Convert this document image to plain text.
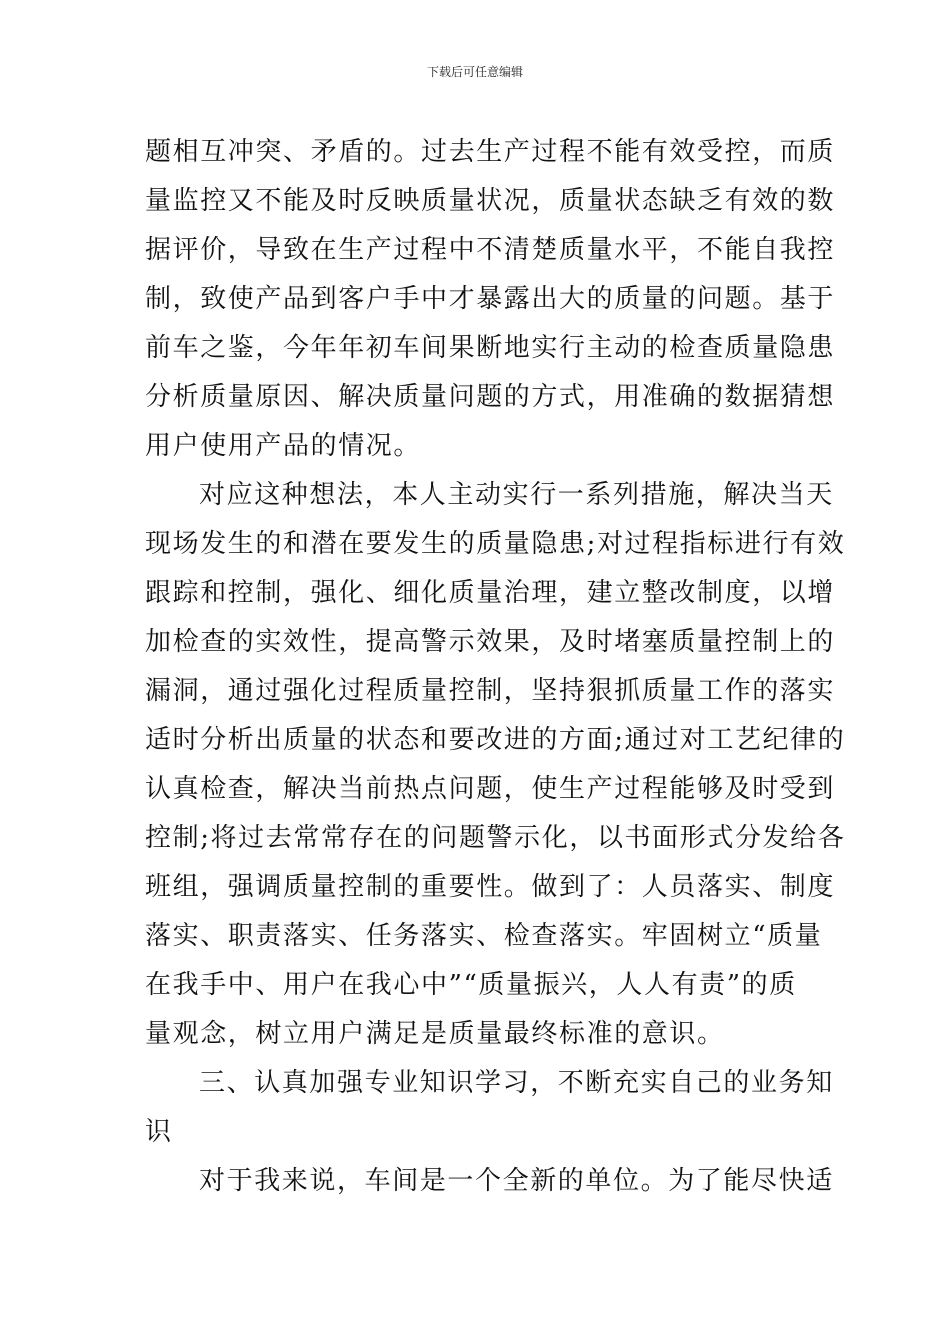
下载后可任意编辑
题相互冲突、矛盾的。过去生产过程不能有效受控，而质
量监控又不能及时反映质量状况，质量状态缺乏有效的数
据评价，导致在生产过程中不清楚质量水平，不能自我控
制，致使产品到客户手中才暴露出大的质量的问题。基于
前车之鉴，今年年初车间果断地实行主动的检查质量隐患
分析质量原因、解决质量问题的方式，用准确的数据猜想
用户使用产品的情况。
对应这种想法，本人主动实行一系列措施，解决当天
现场发生的和潜在要发生的质量隐患;对过程指标进行有效
跟踪和控制，强化、细化质量治理，建立整改制度，以增
加检查的实效性，提高警示效果，及时堵塞质量控制上的
漏洞，通过强化过程质量控制，坚持狠抓质量工作的落实
适时分析出质量的状态和要改进的方面;通过对工艺纪律的
认真检查，解决当前热点问题，使生产过程能够及时受到
控制;将过去常常存在的问题警示化，以书面形式分发给各
班组，强调质量控制的重要性。做到了：人员落实、制度
落实、职责落实、任务落实、检查落实。牢固树立“质量
在我手中、用户在我心中”“质量振兴，人人有责”的质
量观念，树立用户满足是质量最终标准的意识。
三、认真加强专业知识学习，不断充实自己的业务知
识
对于我来说，车间是一个全新的单位。为了能尽快适
